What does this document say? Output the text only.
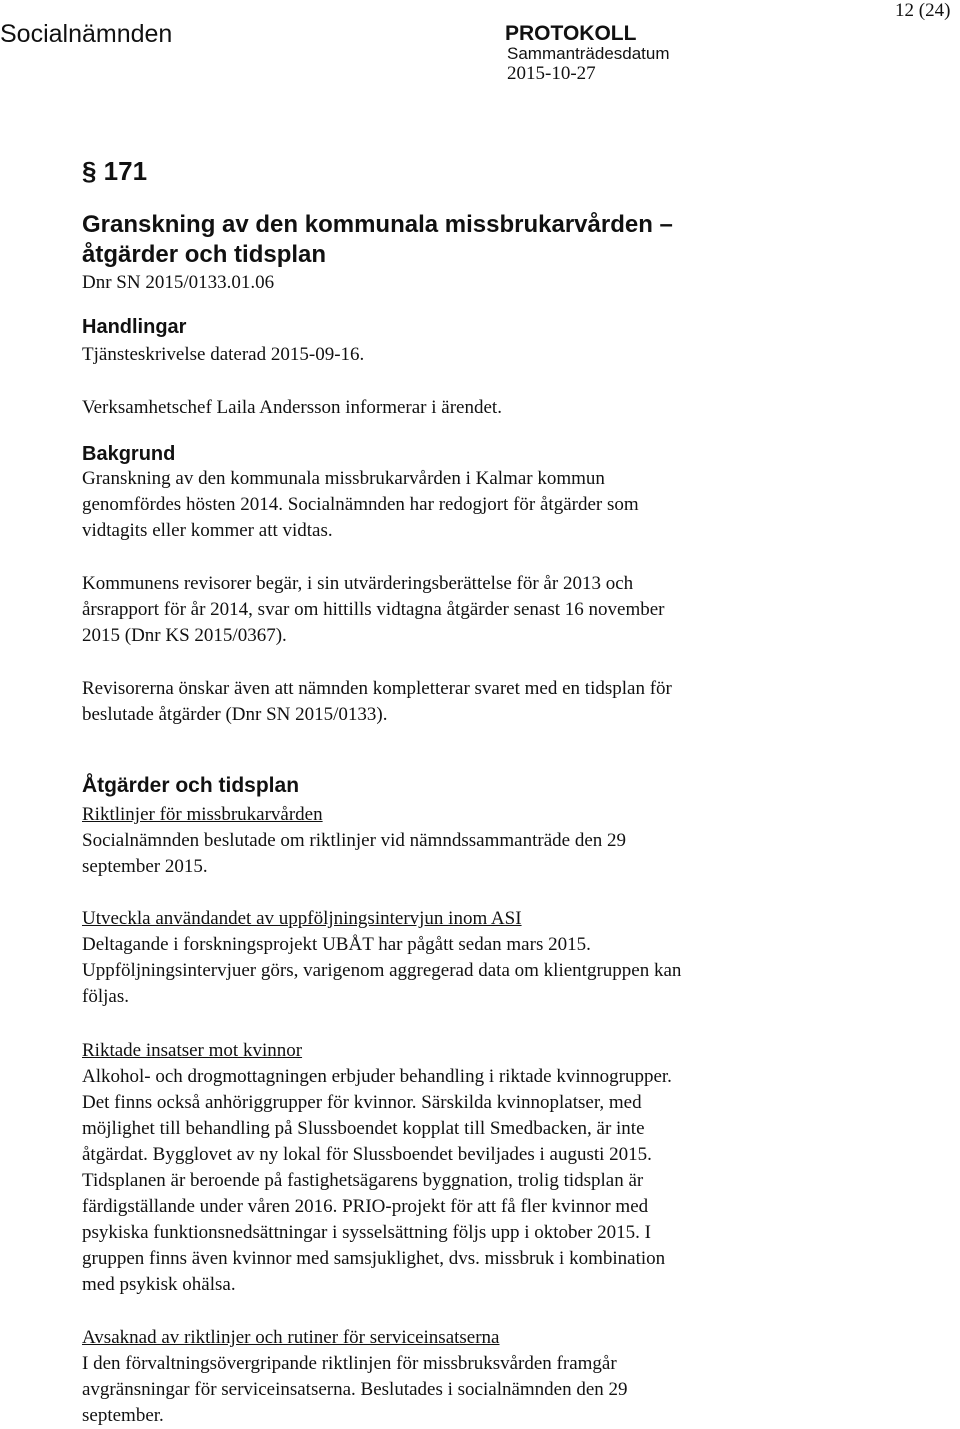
Socialnämnden	PROTOKOLL
Sammanträdesdatum
2015-10-27
12 (24)
§ 171
Granskning av den kommunala missbrukarvården –
åtgärder och tidsplan
Dnr SN 2015/0133.01.06
Handlingar
Tjänsteskrivelse daterad 2015-09-16.
Verksamhetschef Laila Andersson informerar i ärendet.
Bakgrund
Granskning av den kommunala missbrukarvården i Kalmar kommun
genomfördes hösten 2014. Socialnämnden har redogjort för åtgärder som
vidtagits eller kommer att vidtas.
Kommunens revisorer begär, i sin utvärderingsberättelse för år 2013 och
årsrapport för år 2014, svar om hittills vidtagna åtgärder senast 16 november
2015 (Dnr KS 2015/0367).
Revisorerna önskar även att nämnden kompletterar svaret med en tidsplan för
beslutade åtgärder (Dnr SN 2015/0133).
Åtgärder och tidsplan
Riktlinjer för missbrukarvården
Socialnämnden beslutade om riktlinjer vid nämndssammanträde den 29
september 2015.
Utveckla användandet av uppföljningsintervjun inom ASI
Deltagande i forskningsprojekt UBÅT har pågått sedan mars 2015.
Uppföljningsintervjuer görs, varigenom aggregerad data om klientgruppen kan
följas.
Riktade insatser mot kvinnor
Alkohol- och drogmottagningen erbjuder behandling i riktade kvinnogrupper.
Det finns också anhöriggrupper för kvinnor. Särskilda kvinnoplatser, med
möjlighet till behandling på Slussboendet kopplat till Smedbacken, är inte
åtgärdat. Bygglovet av ny lokal för Slussboendet beviljades i augusti 2015.
Tidsplanen är beroende på fastighetsägarens byggnation, trolig tidsplan är
färdigställande under våren 2016. PRIO-projekt för att få fler kvinnor med
psykiska funktionsnedsättningar i sysselsättning följs upp i oktober 2015. I
gruppen finns även kvinnor med samsjuklighet, dvs. missbruk i kombination
med psykisk ohälsa.
Avsaknad av riktlinjer och rutiner för serviceinsatserna
I den förvaltningsövergripande riktlinjen för missbruksvården framgår
avgränsningar för serviceinsatserna. Beslutades i socialnämnden den 29
september.
